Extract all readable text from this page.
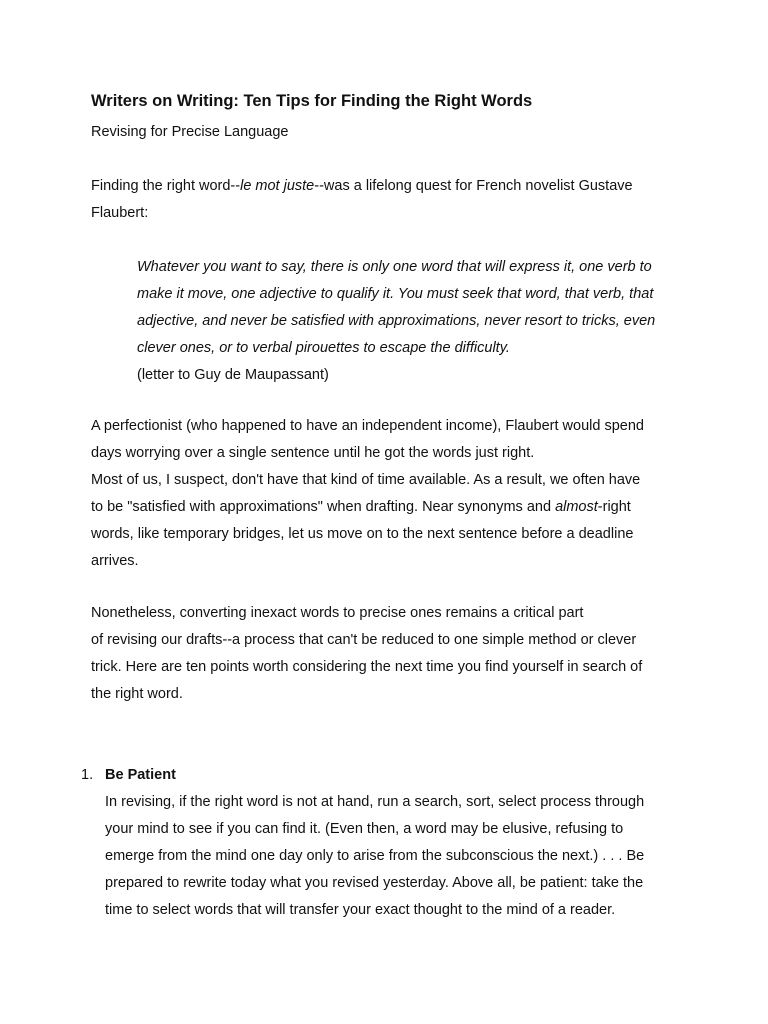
Writers on Writing: Ten Tips for Finding the Right Words

Revising for Precise Language

Finding the right word--le mot juste--was a lifelong quest for French novelist Gustave
Flaubert:

Whatever you want to say, there is only one word that will express it, one verb to
make it move, one adjective to qualify it. You must seek that word, that verb, that
adjective, and never be satisfied with approximations, never resort to tricks, even
clever ones, or to verbal pirouettes to escape the difficulty.
(letter to Guy de Maupassant)

A perfectionist (who happened to have an independent income), Flaubert would spend
days worrying over a single sentence until he got the words just right.
Most of us, I suspect, don't have that kind of time available. As a result, we often have
to be "satisfied with approximations" when drafting. Near synonyms and almost-right
words, like temporary bridges, let us move on to the next sentence before a deadline
arrives.

Nonetheless, converting inexact words to precise ones remains a critical part
of revising our drafts--a process that can't be reduced to one simple method or clever
trick. Here are ten points worth considering the next time you find yourself in search of
the right word.

1. Be Patient

In revising, if the right word is not at hand, run a search, sort, select process through
your mind to see if you can find it. (Even then, a word may be elusive, refusing to
emerge from the mind one day only to arise from the subconscious the next.) . . . Be
prepared to rewrite today what you revised yesterday. Above all, be patient: take the
time to select words that will transfer your exact thought to the mind of a reader.
